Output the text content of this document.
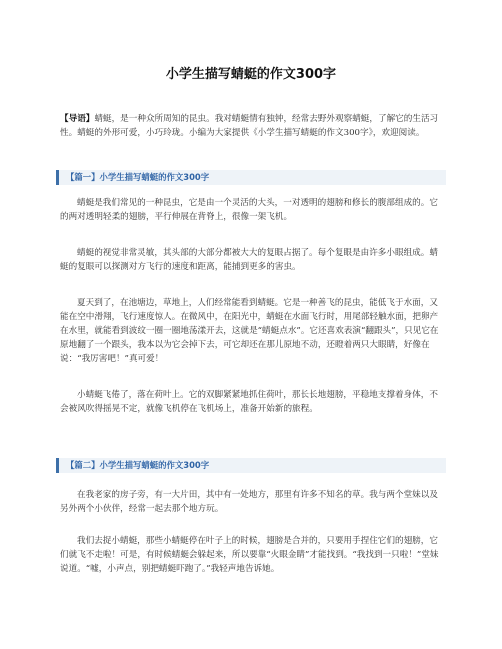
小学生描写蜻蜓的作文300字
【导语】蜻蜓，是一种众所周知的昆虫。我对蜻蜓情有独钟，经常去野外观察蜻蜓，了解它的生活习性。蜻蜓的外形可爱，小巧玲珑。小编为大家提供《小学生描写蜻蜓的作文300字》，欢迎阅读。
【篇一】小学生描写蜻蜓的作文300字

蜻蜓是我们常见的一种昆虫，它是由一个灵活的大头，一对透明的翅膀和修长的腹部组成的。它的两对透明轻柔的翅膀，平行伸展在背脊上，很像一架飞机。

蜻蜓的视觉非常灵敏，其头部的大部分都被大大的复眼占据了。每个复眼是由许多小眼组成。蜻蜓的复眼可以探测对方飞行的速度和距离，能捕到更多的害虫。

夏天到了，在池塘边，草地上，人们经常能看到蜻蜓。它是一种善飞的昆虫，能低飞于水面，又能在空中滑翔，飞行速度惊人。在微风中，在阳光中，蜻蜓在水面飞行时，用尾部轻触水面，把卵产在水里，就能看到波纹一圈一圈地荡漾开去，这就是“蜻蜓点水”。它还喜欢表演“翻跟头”，只见它在原地翻了一个跟头，我本以为它会掉下去，可它却还在那儿原地不动，还瞪着两只大眼睛，好像在说：“我厉害吧！”真可爱！

小蜻蜓飞倦了，落在荷叶上。它的双脚紧紧地抓住荷叶，那长长地翅膀，平稳地支撑着身体，不会被风吹得摇晃不定，就像飞机停在飞机场上，准备开始新的旅程。

【篇二】小学生描写蜻蜓的作文300字

在我老家的房子旁，有一大片田，其中有一处地方，那里有许多不知名的草。我与两个堂妹以及另外两个小伙伴，经常一起去那个地方玩。

我们去捉小蜻蜓，那些小蜻蜓停在叶子上的时候，翅膀是合并的，只要用手捏住它们的翅膀，它们就飞不走啦！可是，有时候蜻蜓会躲起来，所以要靠“火眼金睛”才能找到。“我找到一只啦！”堂妹说道。“嘘，小声点，别把蜻蜓吓跑了。”我轻声地告诉她。
